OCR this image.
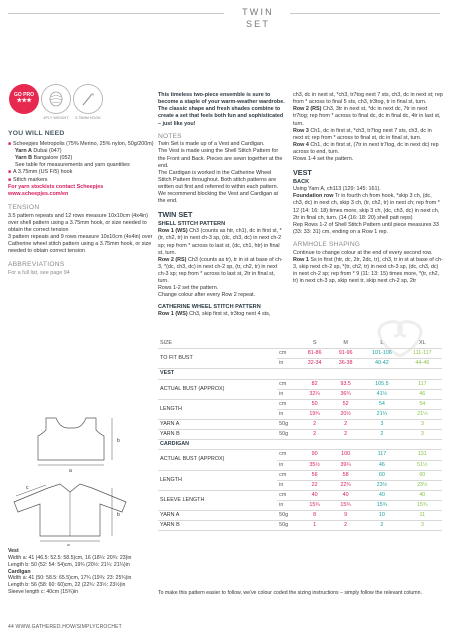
TWIN SET
GO PRO
★★★
4PLY WEIGHT	3.75MM HOOK
YOU WILL NEED

■ Scheepjes Metropolis (75% Merino, 25% nylon, 50g/200m)

Yarn A Dubai (047)

Yarn B Bangalore (052)

See table for measurements and yarn quantities

■ A 3.75mm (US F/5) hook

■ Stitch markers

For yarn stockists contact Scheepjes

www.scheepjes.com/en

TENSION

3.5 pattern repeats and 12 rows measure 10x10cm (4x4in) over shell pattern using a 3.75mm hook, or size needed to obtain the correct tension

3 pattern repeats and 9 rows measure 10x10cm (4x4in) over Catherine wheel stitch pattern using a 3.75mm hook, or size needed to obtain correct tension

ABBREVIATIONS

For a full list, see page 94

This timeless two-piece ensemble is sure to become a staple of your warm-weather wardrobe. The classic shape and fresh shades combine to create a set that feels both fun and sophisticated – just like you!

NOTES

Twin Set is made up of a Vest and Cardigan.

The Vest is made using the Shell Stitch Pattern for the Front and Back. Pieces are sewn together at the end.

The Cardigan is worked in the Catherine Wheel Stitch Pattern throughout. Both stitch patterns are written out first and referred to within each pattern.

We recommend blocking the Vest and Cardigan at the end.

TWIN SET
SHELL STITCH PATTERN

Row 1 (WS) Ch3 (counts as htr, ch1), dc in first st, *(tr, ch2, tr) in next ch-3 sp, (dc, ch3, dc) in next ch-2 sp; rep from * across to last st, (dc, ch1, htr) in final st, turn.

Row 2 (RS) Ch3 (counts as tr), tr in st at base of ch-3, *(dc, ch3, dc) in next ch-2 sp, (tr, ch2, tr) in next ch-3 sp; rep from * across to last st, 2tr in final st, turn.

Rows 1-2 set the pattern.

Change colour after every Row 2 repeat.

CATHERINE WHEEL STITCH PATTERN

Row 1 (WS) Ch3, skip first st, tr3tog next 4 sts,

ch3, dc in next st, *ch3, tr7tog next 7 sts, ch3, dc in next st; rep from * across to final 5 sts, ch3, tr3tog, tr in final st, turn.

Row 2 (RS) Ch3, 3tr in next st, *dc in next dc, 7tr in next tr7tog; rep from * across to final dc, dc in final dc, 4tr in last st, turn.

Row 3 Ch1, dc in first st, *ch3, tr7tog next 7 sts, ch3, dc in next st; rep from * across to final st, dc in final st, turn.

Row 4 Ch1, dc in first st, (7tr in next tr7tog, dc in next dc) rep across to end, turn.

Rows 1-4 set the pattern.

VEST
BACK

Using Yarn A, ch113 (129: 145: 161).

Foundation row Tr in fourth ch from hook, *skip 3 ch, (dc, ch3, dc) in next ch, skip 3 ch, (tr, ch2, tr) in next ch; rep from * 12 (14: 16: 18) times more, skip 3 ch, (dc, ch3, dc) in next ch, 2tr in final ch, turn. (14 (16: 18: 20) shell patt reps)

Rep Rows 1-2 of Shell Stitch Pattern until piece measures 33 (33: 33: 31) cm, ending on a Row 1 rep.

ARMHOLE SHAPING

Continue to change colour at the end of every second row.

Row 1 Ss in first (htr, dc, 2tr, 2dc, tr), ch3, tr in st at base of ch-3, skip next ch-2 sp, *(tr, ch2, tr) in next ch-3 sp, (dc, ch3, dc) in next ch-2 sp; rep from * 9 (11: 13: 15) times more, *(tr, ch2, tr) in next ch-3 sp, skip next tr, skip next ch-2 sp, 2tr

SIZE		S	M	L	XL
TO FIT BUST	cm	81-86	91-96	101-106	111-117
	in	32-34	36-38	40-42	44-46
VEST					
ACTUAL BUST (APPROX)	cm	82	93.5	105.5	117
	in	32¼	36¾	41½	46
LENGTH	cm	50	52	54	54
	in	19¾	20½	21¼	21¼
YARN A	50g	2	2	3	3
YARN B	50g	2	2	2	3
CARDIGAN					
ACTUAL BUST (APPROX)	cm	90	100	117	131
	in	35½	39¼	46	51½
LENGTH	cm	56	58	60	60
	in	22	22¾	23½	23½
SLEEVE LENGTH	cm	40	40	40	40
	in	15¾	15¾	15¾	15¾
YARN A	50g	8	9	10	11
YARN B	50g	1	2	2	3
To make this pattern easier to follow, we've colour coded the sizing instructions – simply follow the relevant column.
b
a
b
a
c

Vest

Width a: 41 (46.5: 52.5: 58.5)cm, 16 (18¼: 20¾: 23)in

Length b: 50 (52: 54: 54)cm, 19¾ (20½: 21¼: 21¼)in

Cardigan

Width a: 41 (50: 58.5: 65.5)cm, 17¾ (19¾: 23: 25¾)in

Length b: 56 (58: 60: 60)cm, 22 (22¾: 23½: 23½)in

Sleeve length c: 40cm (15¾)in

44 WWW.GATHERED.HOW/SIMPLYCROCHET
